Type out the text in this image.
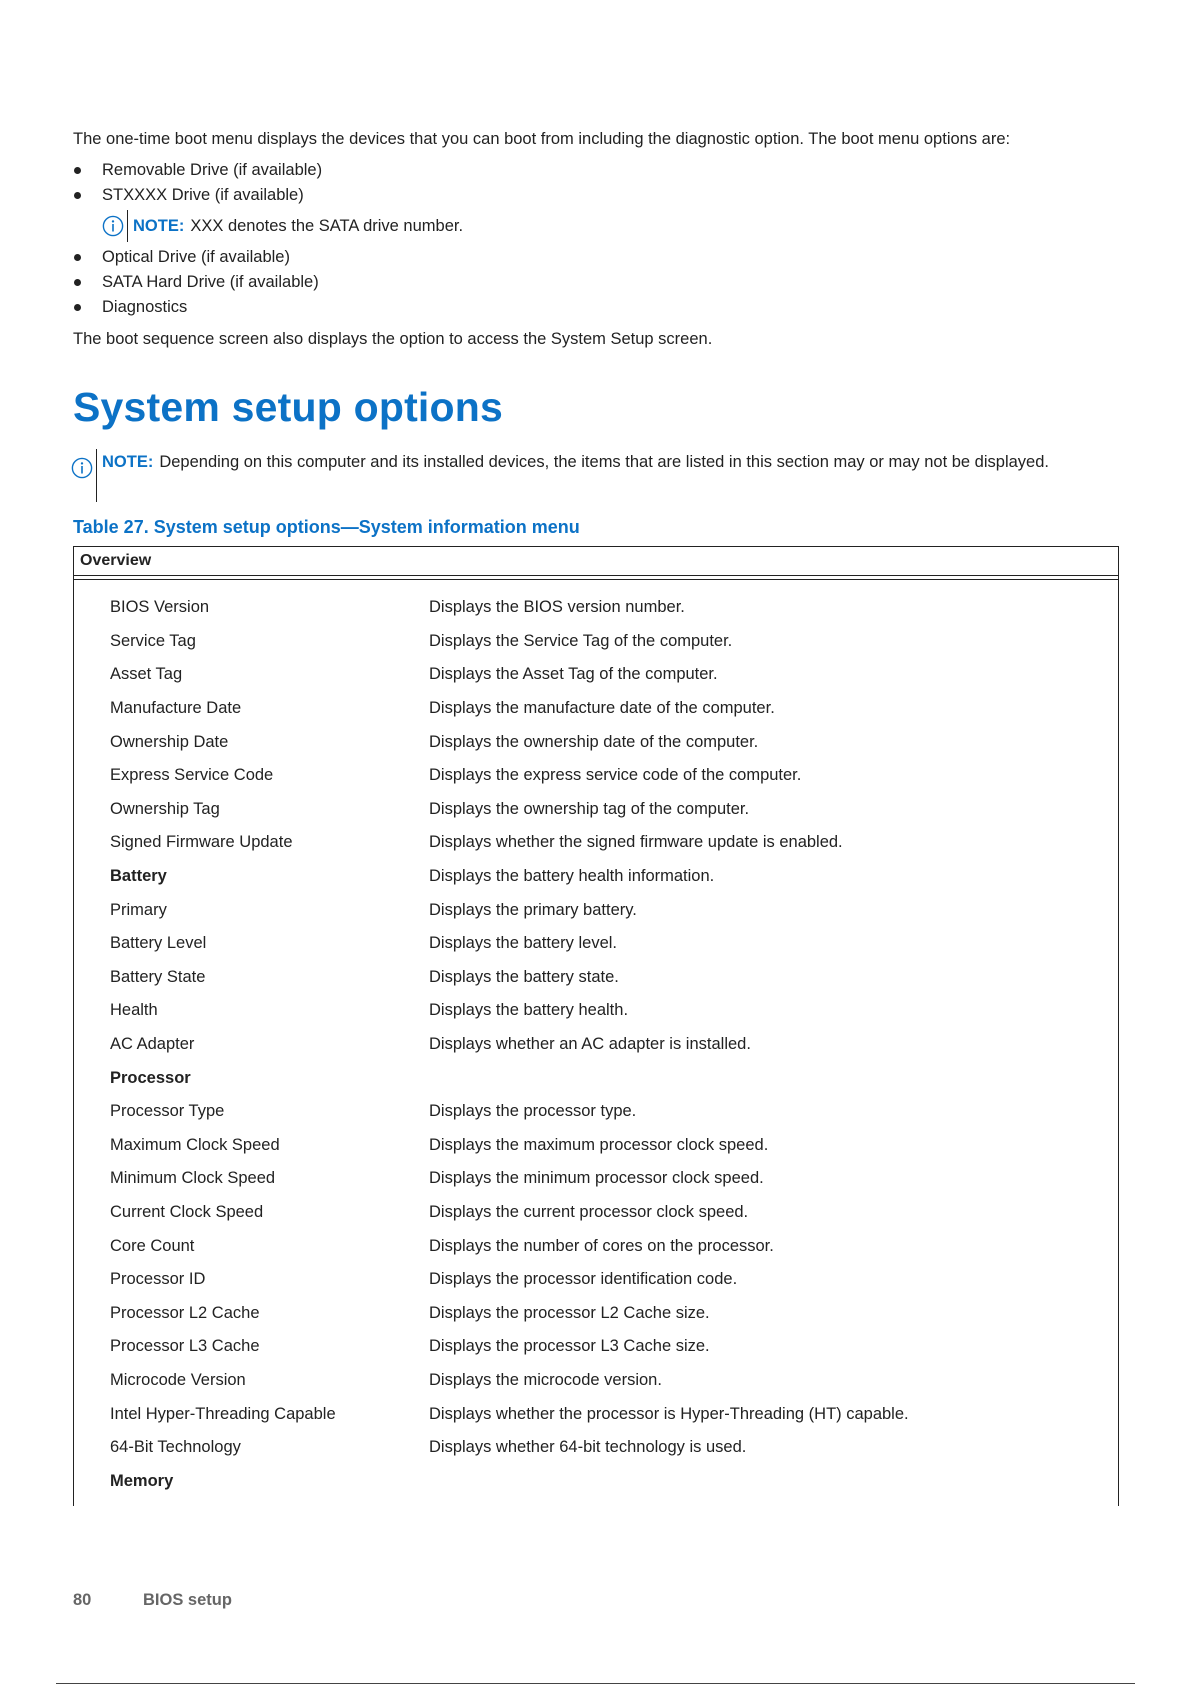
The one-time boot menu displays the devices that you can boot from including the diagnostic option. The boot menu options are:

Removable Drive (if available)
STXXXX Drive (if available)
NOTE: XXX denotes the SATA drive number.
Optical Drive (if available)
SATA Hard Drive (if available)
Diagnostics

The boot sequence screen also displays the option to access the System Setup screen.

System setup options
NOTE: Depending on this computer and its installed devices, the items that are listed in this section may or may not be displayed.
Table 27. System setup options—System information menu
Overview
BIOS Version	Displays the BIOS version number.
Service Tag	Displays the Service Tag of the computer.
Asset Tag	Displays the Asset Tag of the computer.
Manufacture Date	Displays the manufacture date of the computer.
Ownership Date	Displays the ownership date of the computer.
Express Service Code	Displays the express service code of the computer.
Ownership Tag	Displays the ownership tag of the computer.
Signed Firmware Update	Displays whether the signed firmware update is enabled.
Battery	Displays the battery health information.
Primary	Displays the primary battery.
Battery Level	Displays the battery level.
Battery State	Displays the battery state.
Health	Displays the battery health.
AC Adapter	Displays whether an AC adapter is installed.
Processor
Processor Type	Displays the processor type.
Maximum Clock Speed	Displays the maximum processor clock speed.
Minimum Clock Speed	Displays the minimum processor clock speed.
Current Clock Speed	Displays the current processor clock speed.
Core Count	Displays the number of cores on the processor.
Processor ID	Displays the processor identification code.
Processor L2 Cache	Displays the processor L2 Cache size.
Processor L3 Cache	Displays the processor L3 Cache size.
Microcode Version	Displays the microcode version.
Intel Hyper-Threading Capable	Displays whether the processor is Hyper-Threading (HT) capable.
64-Bit Technology	Displays whether 64-bit technology is used.
Memory
80	BIOS setup
